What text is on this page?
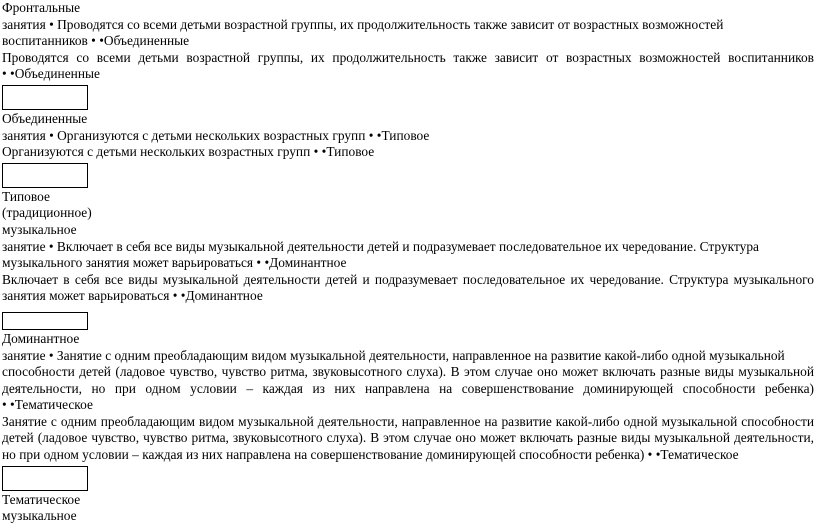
Фронтальные
занятия • Проводятся со всеми детьми возрастной группы, их продолжительность также зависит от возрастных возможностей
воспитанников • •Объединенные
Проводятся со всеми детьми возрастной группы, их продолжительность также зависит от возрастных возможностей воспитанников
• •Объединенные
Объединенные
занятия • Организуются с детьми нескольких возрастных групп • •Типовое
Организуются с детьми нескольких возрастных групп • •Типовое
Типовое
(традиционное)
музыкальное
занятие • Включает в себя все виды музыкальной деятельности детей и подразумевает последовательное их чередование. Структура
музыкального занятия может варьироваться • •Доминантное
Включает в себя все виды музыкальной деятельности детей и подразумевает последовательное их чередование. Структура музыкального
занятия может варьироваться • •Доминантное
Доминантное
занятие • Занятие с одним преобладающим видом музыкальной деятельности, направленное на развитие какой-либо одной музыкальной
способности детей (ладовое чувство, чувство ритма, звуковысотного слуха). В этом случае оно может включать разные виды музыкальной
деятельности, но при одном условии – каждая из них направлена на совершенствование доминирующей способности ребенка)
• •Тематическое
Занятие с одним преобладающим видом музыкальной деятельности, направленное на развитие какой-либо одной музыкальной способности
детей (ладовое чувство, чувство ритма, звуковысотного слуха). В этом случае оно может включать разные виды музыкальной деятельности,
но при одном условии – каждая из них направлена на совершенствование доминирующей способности ребенка) • •Тематическое
Тематическое
музыкальное
